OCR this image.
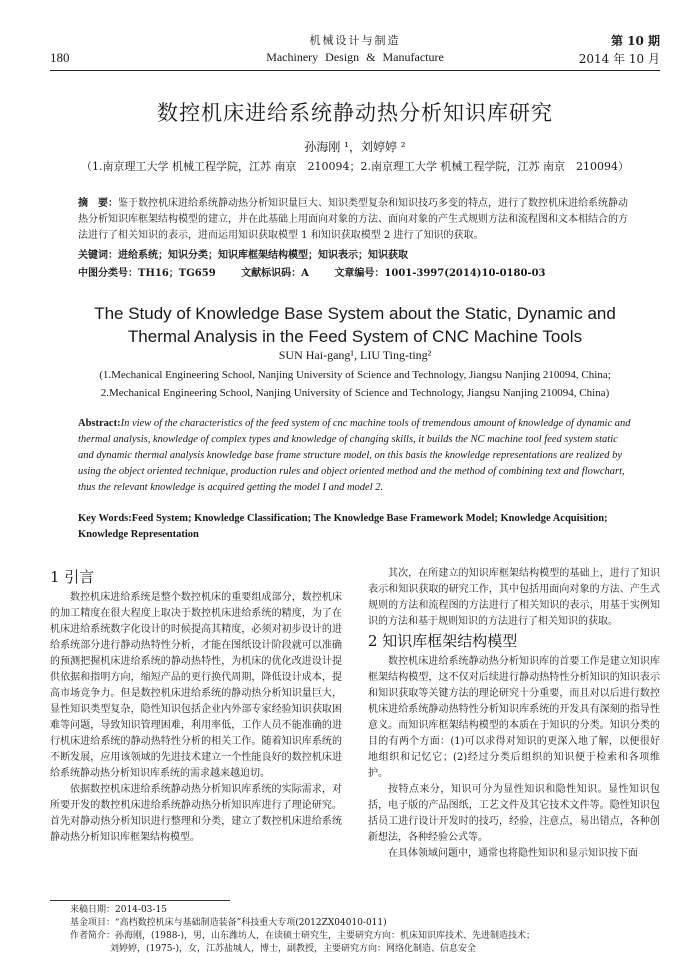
180
机械设计与制造
Machinery Design & Manufacture
第 10 期
2014 年 10 月
数控机床进给系统静动热分析知识库研究
孙海刚 ¹，刘婷婷 ²
（1.南京理工大学 机械工程学院，江苏 南京　210094；2.南京理工大学 机械工程学院，江苏 南京　210094）
摘　要：鉴于数控机床进给系统静动热分析知识量巨大、知识类型复杂和知识技巧多变的特点，进行了数控机床进给系统静动热分析知识库框架结构模型的建立，并在此基础上用面向对象的方法、面向对象的产生式规则方法和流程图和文本相结合的方法进行了相关知识的表示，进而运用知识获取模型 1 和知识获取模型 2 进行了知识的获取。
关键词：进给系统；知识分类；知识库框架结构模型；知识表示；知识获取
中图分类号：TH16；TG659	文献标识码：A	文章编号：1001-3997(2014)10-0180-03
The Study of Knowledge Base System about the Static, Dynamic and
Thermal Analysis in the Feed System of CNC Machine Tools
SUN Hai-gang¹, LIU Ting-ting²
(1.Mechanical Engineering School, Nanjing University of Science and Technology, Jiangsu Nanjing 210094, China;
2.Mechanical Engineering School, Nanjing University of Science and Technology, Jiangsu Nanjing 210094, China)
Abstract:In view of the characteristics of the feed system of cnc machine tools of tremendous amount of knowledge of dynamic and thermal analysis, knowledge of complex types and knowledge of changing skills, it builds the NC machine tool feed system static and dynamic thermal analysis knowledge base frame structure model, on this basis the knowledge representations are realized by using the object oriented technique, production rules and object oriented method and the method of combining text and flowchart, thus the relevant knowledge is acquired getting the model I and model 2.
Key Words:Feed System; Knowledge Classification; The Knowledge Base Framework Model; Knowledge Acquisition; Knowledge Representation
1 引言

数控机床进给系统是整个数控机床的重要组成部分，数控机床的加工精度在很大程度上取决于数控机床进给系统的精度，为了在机床进给系统数字化设计的时候提高其精度，必须对初步设计的进给系统部分进行静动热特性分析，才能在图纸设计阶段就可以准确的预测把握机床进给系统的静动热特性，为机床的优化改进设计提供依据和指明方向，缩短产品的更行换代周期，降低设计成本，提高市场竞争力。但是数控机床进给系统的静动热分析知识量巨大，显性知识类型复杂，隐性知识包括企业内外部专家经验知识获取困难等问题，导致知识管理困难，利用率低，工作人员不能准确的进行机床进给系统的静动热特性分析的相关工作。随着知识库系统的不断发展，应用该领域的先进技术建立一个性能良好的数控机床进给系统静动热分析知识库系统的需求越来越迫切。

依据数控机床进给系统静动热分析知识库系统的实际需求，对所要开发的数控机床进给系统静动热分析知识库进行了理论研究。首先对静动热分析知识进行整理和分类，建立了数控机床进给系统静动热分析知识库框架结构模型。

其次，在所建立的知识库框架结构模型的基础上，进行了知识表示和知识获取的研究工作，其中包括用面向对象的方法、产生式规则的方法和流程图的方法进行了相关知识的表示，用基于实例知识的方法和基于规则知识的方法进行了相关知识的获取。

2 知识库框架结构模型

数控机床进给系统静动热分析知识库的首要工作是建立知识库框架结构模型，这不仅对后续进行静动热特性分析知识的知识表示和知识获取等关键方法的理论研究十分重要，而且对以后进行数控机床进给系统静动热特性分析知识库系统的开发具有深刻的指导性意义。而知识库框架结构模型的本质在于知识的分类。知识分类的目的有两个方面：(1)可以求得对知识的更深入地了解，以便很好地组织和记忆它；(2)经过分类后组织的知识便于检索和各项维护。

按特点来分，知识可分为显性知识和隐性知识。显性知识包括，电子版的产品图纸，工艺文件及其它技术文件等。隐性知识包括员工进行设计开发时的技巧，经验，注意点，易出错点，各种创新想法，各种经验公式等。

在具体领域问题中，通常也将隐性知识和显示知识按下面

来稿日期：2014-03-15
基金项目：“高档数控机床与基础制造装备”科技重大专项(2012ZX04010-011)
作者简介：孙海刚，(1988-)，男，山东潍坊人，在读硕士研究生，主要研究方向：机床知识库技术、先进制造技术；
刘婷婷，(1975-)，女，江苏盐城人，博士，副教授，主要研究方向：网络化制造、信息安全
